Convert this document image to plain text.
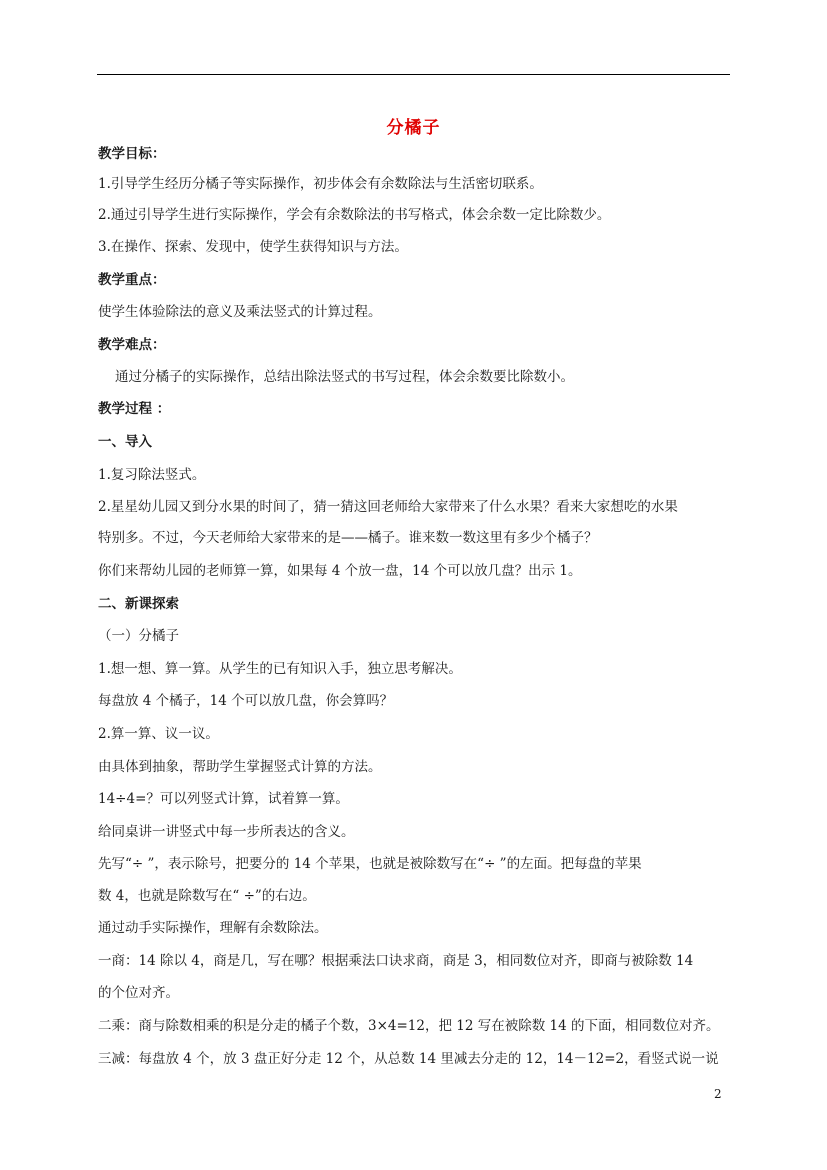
分橘子
教学目标：
1.引导学生经历分橘子等实际操作，初步体会有余数除法与生活密切联系。
2.通过引导学生进行实际操作，学会有余数除法的书写格式，体会余数一定比除数少。
3.在操作、探索、发现中，使学生获得知识与方法。
教学重点：
使学生体验除法的意义及乘法竖式的计算过程。
教学难点：
通过分橘子的实际操作，总结出除法竖式的书写过程，体会余数要比除数小。
教学过程 ：
一、导入
1.复习除法竖式。
2.星星幼儿园又到分水果的时间了，猜一猜这回老师给大家带来了什么水果？看来大家想吃的水果
特别多。不过，今天老师给大家带来的是——橘子。谁来数一数这里有多少个橘子？
你们来帮幼儿园的老师算一算，如果每 4 个放一盘，14 个可以放几盘？出示 1。
二、新课探索
（一）分橘子
1.想一想、算一算。从学生的已有知识入手，独立思考解决。
每盘放 4 个橘子，14 个可以放几盘，你会算吗？
2.算一算、议一议。
由具体到抽象，帮助学生掌握竖式计算的方法。
14÷4=？可以列竖式计算，试着算一算。
给同桌讲一讲竖式中每一步所表达的含义。
先写“÷ ”，表示除号，把要分的 14 个苹果，也就是被除数写在“÷ ”的左面。把每盘的苹果
数 4，也就是除数写在“ ÷”的右边。
通过动手实际操作，理解有余数除法。
一商：14 除以 4，商是几，写在哪？根据乘法口诀求商，商是 3，相同数位对齐，即商与被除数 14
的个位对齐。
二乘：商与除数相乘的积是分走的橘子个数，3×4=12，把 12 写在被除数 14 的下面，相同数位对齐。
三减：每盘放 4 个，放 3 盘正好分走 12 个，从总数 14 里减去分走的 12，14－12=2，看竖式说一说
2
